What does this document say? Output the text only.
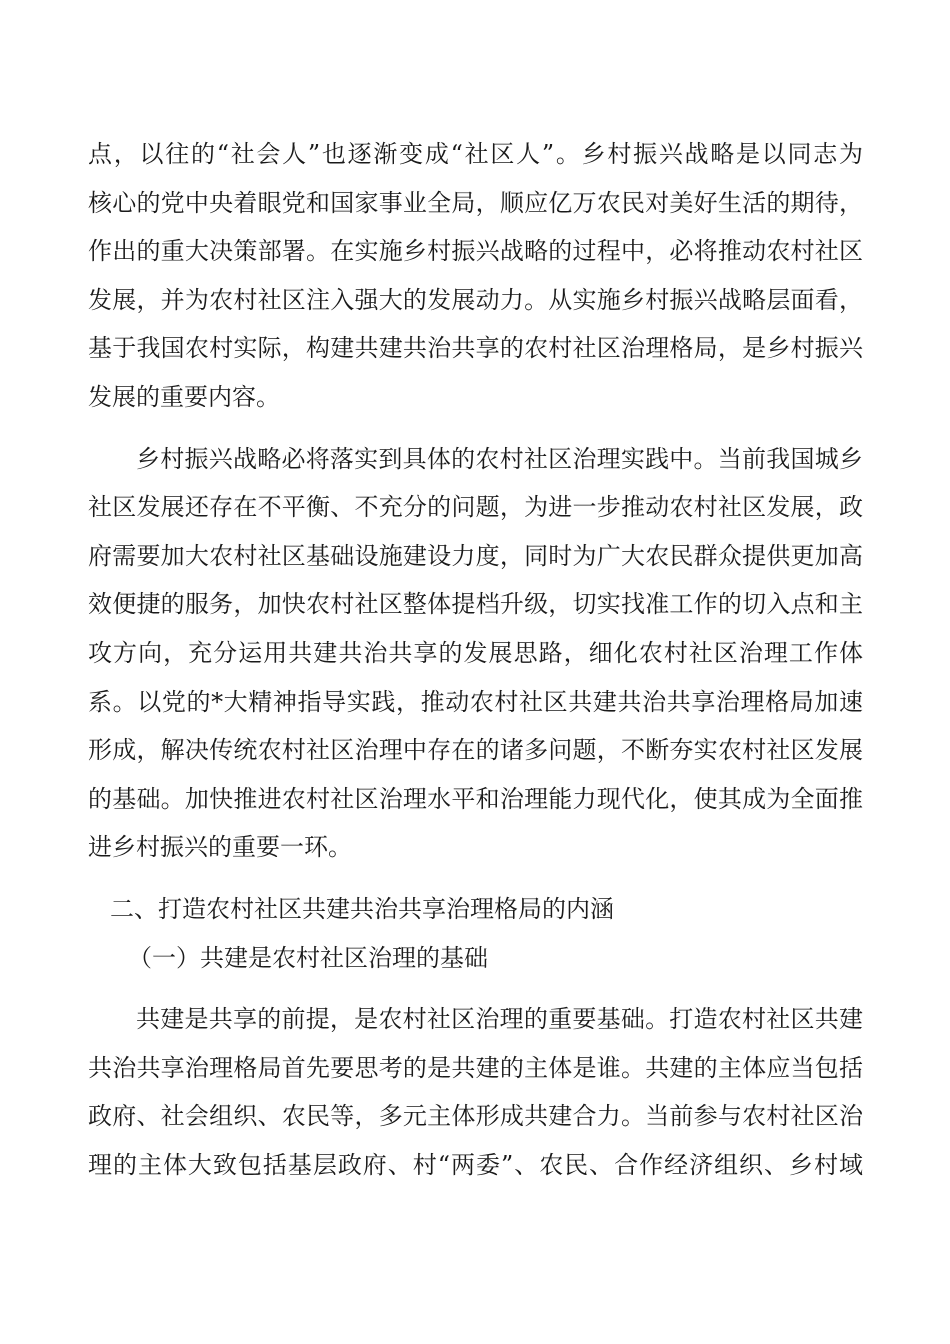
点，以往的“社会人”也逐渐变成“社区人”。乡村振兴战略是以同志为
核心的党中央着眼党和国家事业全局，顺应亿万农民对美好生活的期待，
作出的重大决策部署。在实施乡村振兴战略的过程中，必将推动农村社区
发展，并为农村社区注入强大的发展动力。从实施乡村振兴战略层面看，
基于我国农村实际，构建共建共治共享的农村社区治理格局，是乡村振兴
发展的重要内容。
乡村振兴战略必将落实到具体的农村社区治理实践中。当前我国城乡
社区发展还存在不平衡、不充分的问题，为进一步推动农村社区发展，政
府需要加大农村社区基础设施建设力度，同时为广大农民群众提供更加高
效便捷的服务，加快农村社区整体提档升级，切实找准工作的切入点和主
攻方向，充分运用共建共治共享的发展思路，细化农村社区治理工作体
系。以党的*大精神指导实践，推动农村社区共建共治共享治理格局加速
形成，解决传统农村社区治理中存在的诸多问题，不断夯实农村社区发展
的基础。加快推进农村社区治理水平和治理能力现代化，使其成为全面推
进乡村振兴的重要一环。
二、打造农村社区共建共治共享治理格局的内涵
（一）共建是农村社区治理的基础
共建是共享的前提，是农村社区治理的重要基础。打造农村社区共建
共治共享治理格局首先要思考的是共建的主体是谁。共建的主体应当包括
政府、社会组织、农民等，多元主体形成共建合力。当前参与农村社区治
理的主体大致包括基层政府、村“两委”、农民、合作经济组织、乡村域
